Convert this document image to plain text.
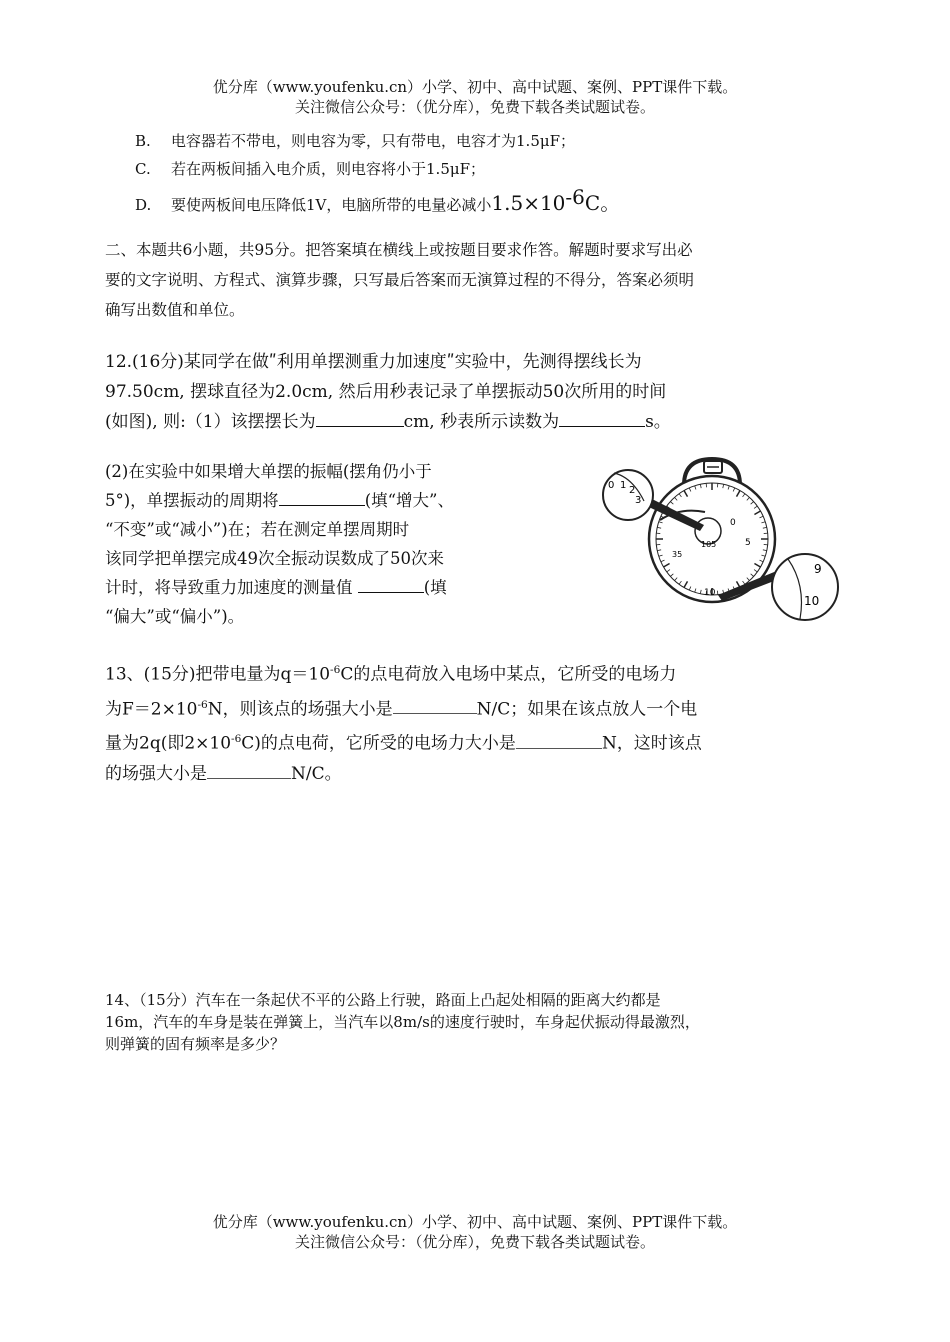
优分库（www.youfenku.cn）小学、初中、高中试题、案例、PPT课件下载。
关注微信公众号：（优分库），免费下载各类试题试卷。
B. 电容器若不带电，则电容为零，只有带电，电容才为1.5μF；
C. 若在两板间插入电介质，则电容将小于1.5μF；
D. 要使两板间电压降低1V，电脑所带的电量必减小$1.5\times 10^{-6}C$。
二、本题共6小题，共95分。把答案填在横线上或按题目要求作答。解题时要求写出必
要的文字说明、方程式、演算步骤，只写最后答案而无演算过程的不得分，答案必须明
确写出数值和单位。
12.(16分)某同学在做ʺ利用单摆测重力加速度ʺ实验中，先测得摆线长为
97.50cm, 摆球直径为2.0cm, 然后用秒表记录了单摆振动50次所用的时间
(如图), 则:（1）该摆摆长为	cm, 秒表所示读数为	s。
(2)在实验中如果增大单摆的振幅(摆角仍小于
5°)，单摆振动的周期将	(填“增大”、
“不变”或“减小”)在；若在测定单摆周期时
该同学把单摆完成49次全振动误数成了50次来
计时，将导致重力加速度的测量值	(填
“偏大”或“偏小”)。
105
0
5
10
35
0 1 2
3
9
10
13、(15分)把带电量为$q=10^{-6}C$的点电荷放入电场中某点，它所受的电场力
为$F=2\times 10^{-6}N$，则该点的场强大小是	N/C；如果在该点放人一个电
量为2q(即$2\times 10^{-6}C$)的点电荷，它所受的电场力大小是	N，这时该点
的场强大小是	N/C。
14、（15分）汽车在一条起伏不平的公路上行驶，路面上凸起处相隔的距离大约都是
16m，汽车的车身是装在弹簧上，当汽车以8m/s的速度行驶时，车身起伏振动得最激烈，
则弹簧的固有频率是多少？
优分库（www.youfenku.cn）小学、初中、高中试题、案例、PPT课件下载。
关注微信公众号：（优分库），免费下载各类试题试卷。
